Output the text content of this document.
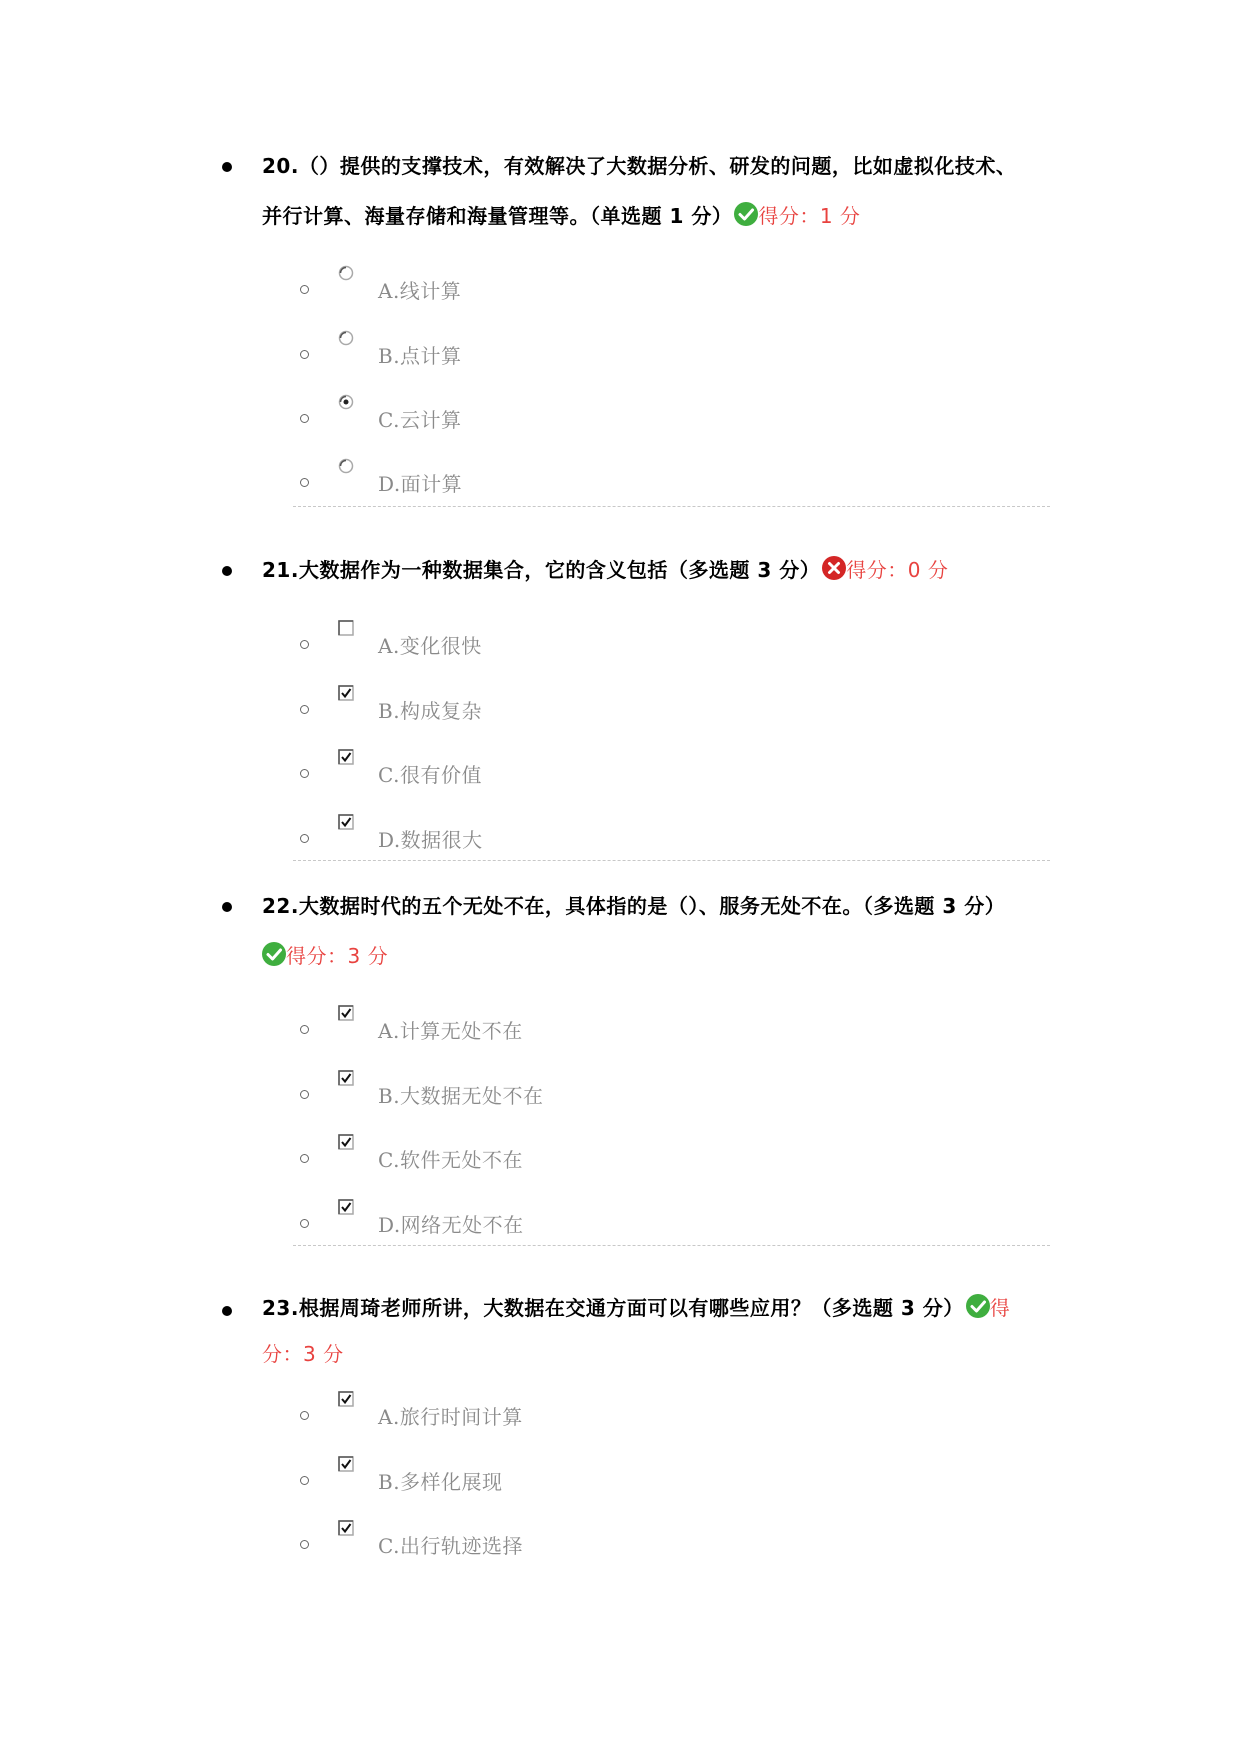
20.（）提供的支撑技术，有效解决了大数据分析、研发的问题，比如虚拟化技术、
并行计算、海量存储和海量管理等。（单选题 1 分） 得分：1 分
A.线计算
B.点计算
C.云计算
D.面计算
21.大数据作为一种数据集合，它的含义包括（多选题 3 分） 得分：0 分
A.变化很快
B.构成复杂
C.很有价值
D.数据很大
22.大数据时代的五个无处不在，具体指的是（）、服务无处不在。（多选题 3 分）
得分：3 分
A.计算无处不在
B.大数据无处不在
C.软件无处不在
D.网络无处不在
23.根据周琦老师所讲，大数据在交通方面可以有哪些应用？（多选题 3 分） 得
分：3 分
A.旅行时间计算
B.多样化展现
C.出行轨迹选择
